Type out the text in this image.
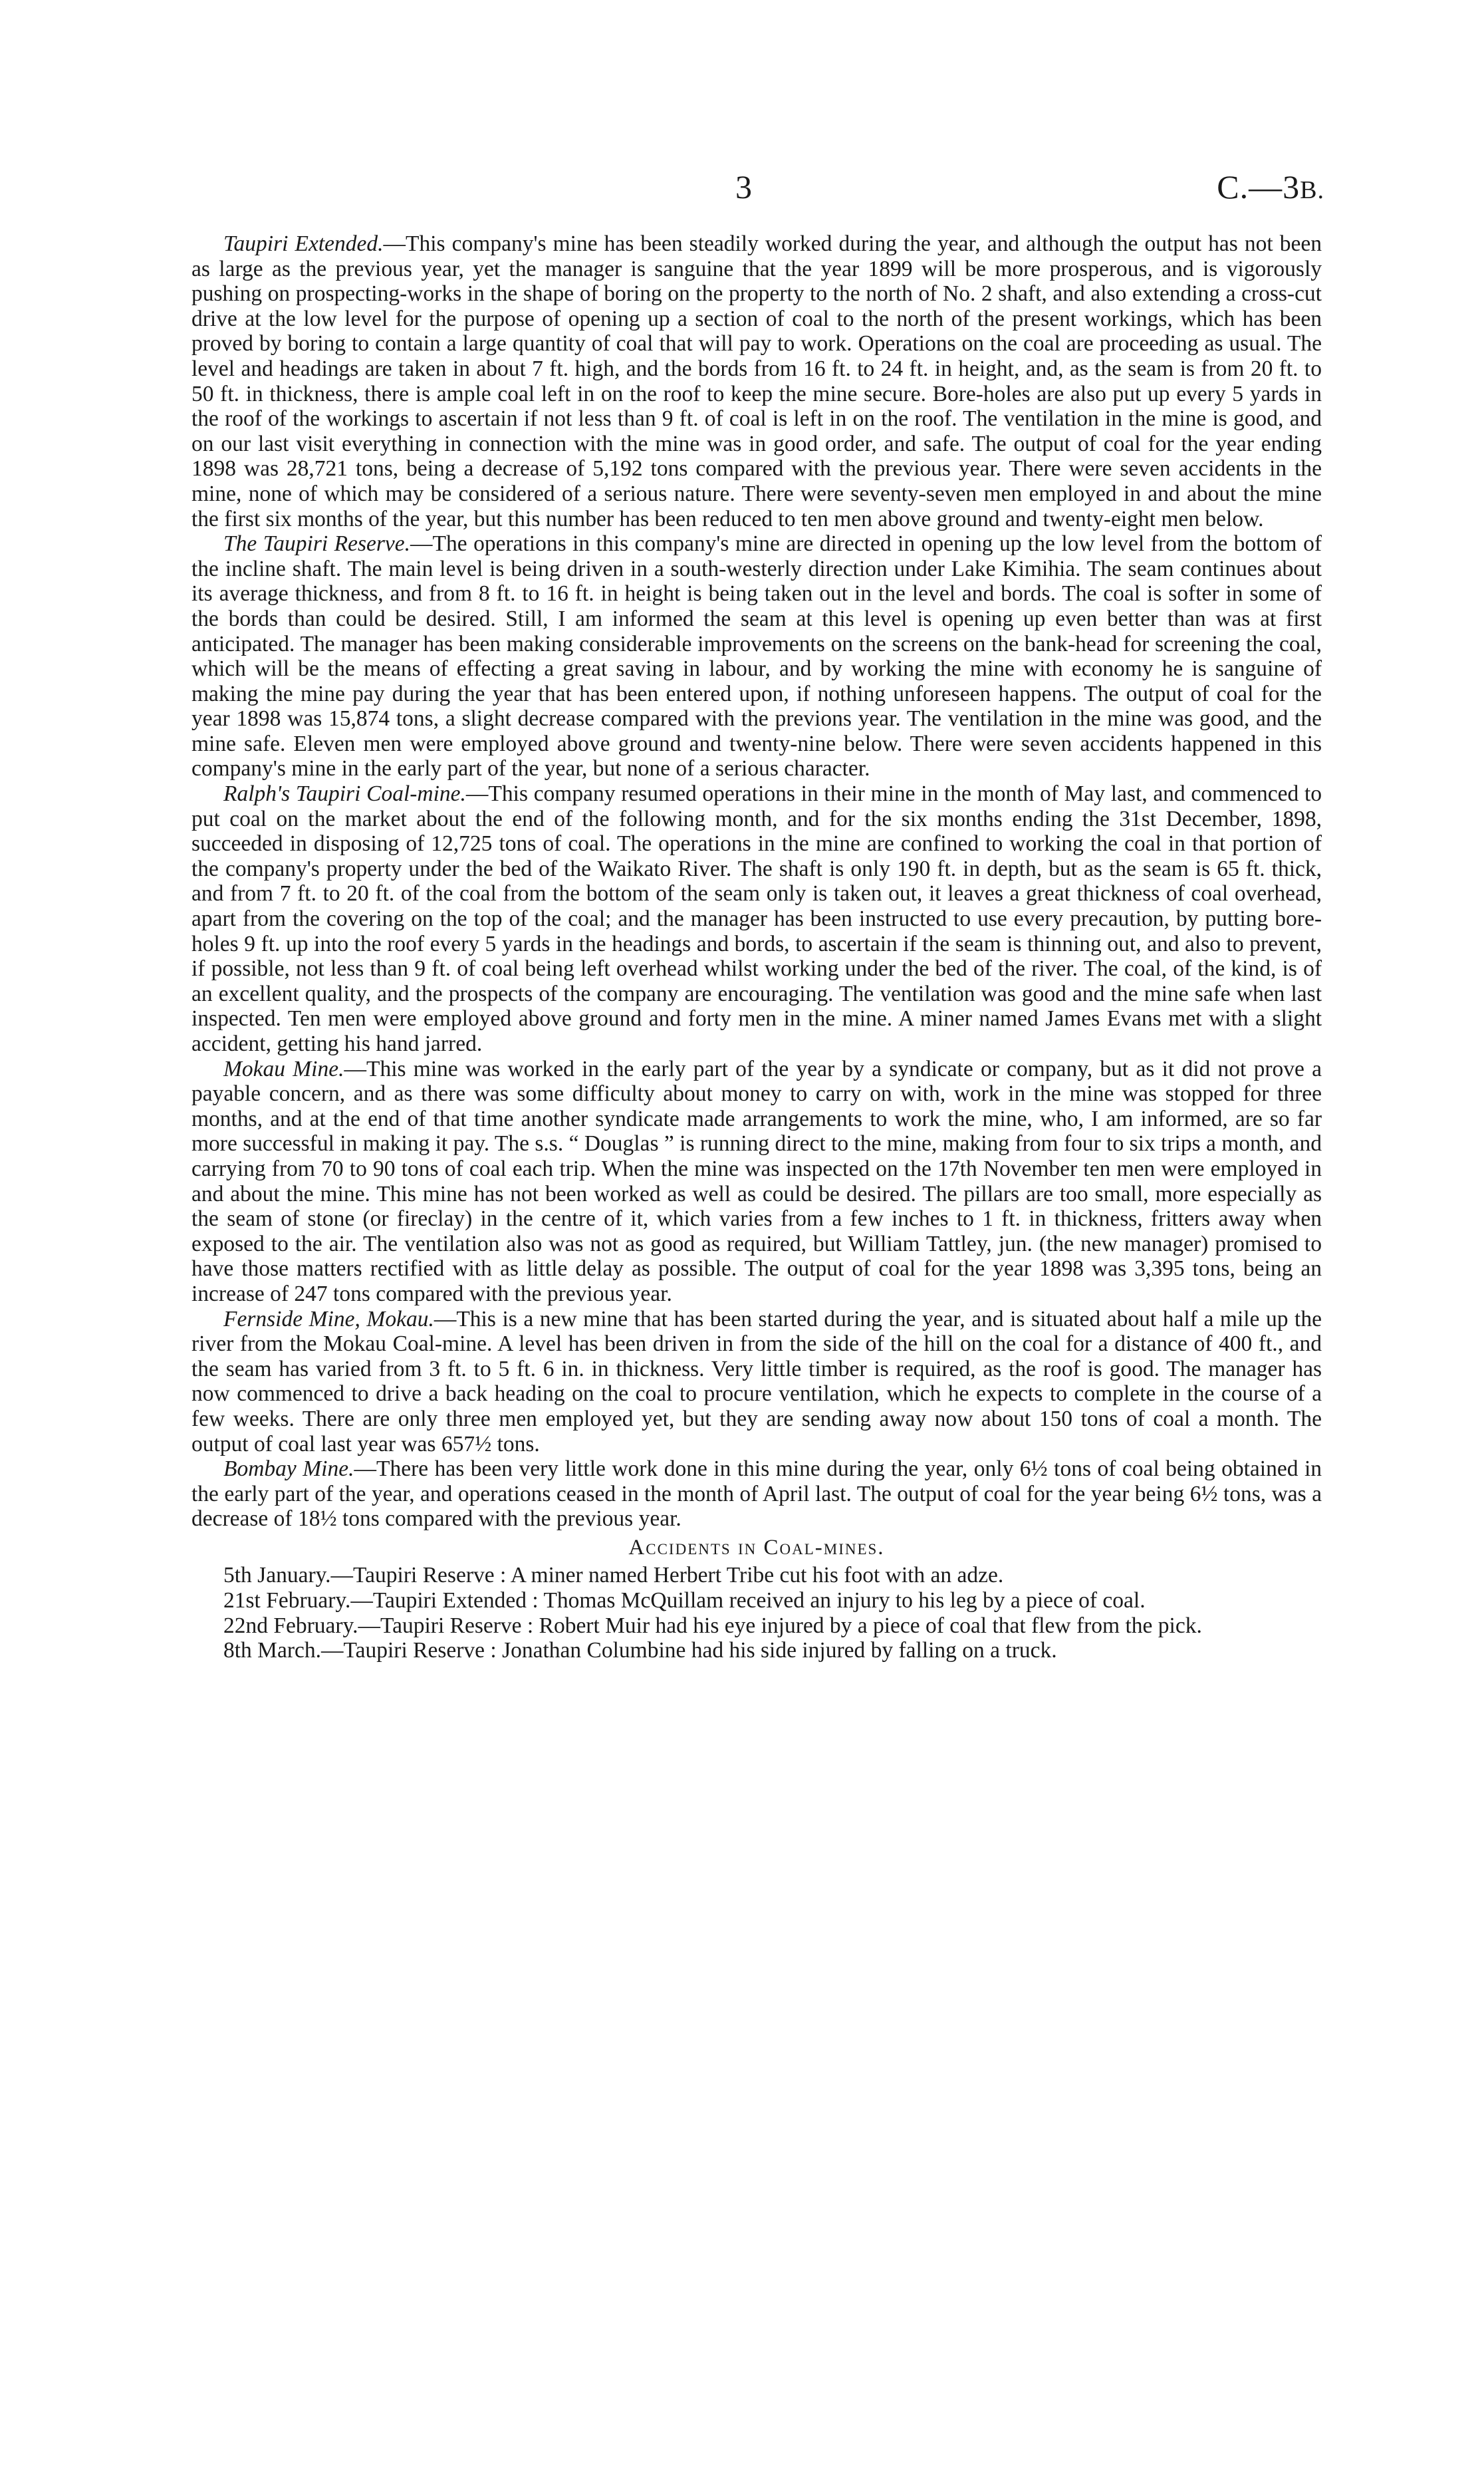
3	C.—3B.

Taupiri Extended.—This company's mine has been steadily worked during the year, and although the output has not been as large as the previous year, yet the manager is sanguine that the year 1899 will be more prosperous, and is vigorously pushing on prospecting-works in the shape of boring on the property to the north of No. 2 shaft, and also extending a cross-cut drive at the low level for the purpose of opening up a section of coal to the north of the present workings, which has been proved by boring to contain a large quantity of coal that will pay to work. Operations on the coal are proceeding as usual. The level and headings are taken in about 7 ft. high, and the bords from 16 ft. to 24 ft. in height, and, as the seam is from 20 ft. to 50 ft. in thickness, there is ample coal left in on the roof to keep the mine secure. Bore-holes are also put up every 5 yards in the roof of the workings to ascertain if not less than 9 ft. of coal is left in on the roof. The ventilation in the mine is good, and on our last visit everything in connection with the mine was in good order, and safe. The output of coal for the year ending 1898 was 28,721 tons, being a decrease of 5,192 tons compared with the previous year. There were seven accidents in the mine, none of which may be considered of a serious nature. There were seventy-seven men employed in and about the mine the first six months of the year, but this number has been reduced to ten men above ground and twenty-eight men below.

The Taupiri Reserve.—The operations in this company's mine are directed in opening up the low level from the bottom of the incline shaft. The main level is being driven in a south-westerly direction under Lake Kimihia. The seam continues about its average thickness, and from 8 ft. to 16 ft. in height is being taken out in the level and bords. The coal is softer in some of the bords than could be desired. Still, I am informed the seam at this level is opening up even better than was at first anticipated. The manager has been making considerable improvements on the screens on the bank-head for screening the coal, which will be the means of effecting a great saving in labour, and by working the mine with economy he is sanguine of making the mine pay during the year that has been entered upon, if nothing unforeseen happens. The output of coal for the year 1898 was 15,874 tons, a slight decrease compared with the previons year. The ventilation in the mine was good, and the mine safe. Eleven men were employed above ground and twenty-nine below. There were seven accidents happened in this company's mine in the early part of the year, but none of a serious character.

Ralph's Taupiri Coal-mine.—This company resumed operations in their mine in the month of May last, and commenced to put coal on the market about the end of the following month, and for the six months ending the 31st December, 1898, succeeded in disposing of 12,725 tons of coal. The operations in the mine are confined to working the coal in that portion of the company's property under the bed of the Waikato River. The shaft is only 190 ft. in depth, but as the seam is 65 ft. thick, and from 7 ft. to 20 ft. of the coal from the bottom of the seam only is taken out, it leaves a great thickness of coal overhead, apart from the covering on the top of the coal; and the manager has been instructed to use every precaution, by putting bore-holes 9 ft. up into the roof every 5 yards in the headings and bords, to ascertain if the seam is thinning out, and also to prevent, if possible, not less than 9 ft. of coal being left overhead whilst working under the bed of the river. The coal, of the kind, is of an excellent quality, and the prospects of the company are encouraging. The ventilation was good and the mine safe when last inspected. Ten men were employed above ground and forty men in the mine. A miner named James Evans met with a slight accident, getting his hand jarred.

Mokau Mine.—This mine was worked in the early part of the year by a syndicate or company, but as it did not prove a payable concern, and as there was some difficulty about money to carry on with, work in the mine was stopped for three months, and at the end of that time another syndicate made arrangements to work the mine, who, I am informed, are so far more successful in making it pay. The s.s. “ Douglas ” is running direct to the mine, making from four to six trips a month, and carrying from 70 to 90 tons of coal each trip. When the mine was inspected on the 17th November ten men were employed in and about the mine. This mine has not been worked as well as could be desired. The pillars are too small, more especially as the seam of stone (or fireclay) in the centre of it, which varies from a few inches to 1 ft. in thickness, fritters away when exposed to the air. The ventilation also was not as good as required, but William Tattley, jun. (the new manager) promised to have those matters rectified with as little delay as possible. The output of coal for the year 1898 was 3,395 tons, being an increase of 247 tons compared with the previous year.

Fernside Mine, Mokau.—This is a new mine that has been started during the year, and is situated about half a mile up the river from the Mokau Coal-mine. A level has been driven in from the side of the hill on the coal for a distance of 400 ft., and the seam has varied from 3 ft. to 5 ft. 6 in. in thickness. Very little timber is required, as the roof is good. The manager has now commenced to drive a back heading on the coal to procure ventilation, which he expects to complete in the course of a few weeks. There are only three men employed yet, but they are sending away now about 150 tons of coal a month. The output of coal last year was 657½ tons.

Bombay Mine.—There has been very little work done in this mine during the year, only 6½ tons of coal being obtained in the early part of the year, and operations ceased in the month of April last. The output of coal for the year being 6½ tons, was a decrease of 18½ tons compared with the previous year.

Accidents in Coal-mines.

5th January.—Taupiri Reserve : A miner named Herbert Tribe cut his foot with an adze.

21st February.—Taupiri Extended : Thomas McQuillam received an injury to his leg by a piece of coal.

22nd February.—Taupiri Reserve : Robert Muir had his eye injured by a piece of coal that flew from the pick.

8th March.—Taupiri Reserve : Jonathan Columbine had his side injured by falling on a truck.
